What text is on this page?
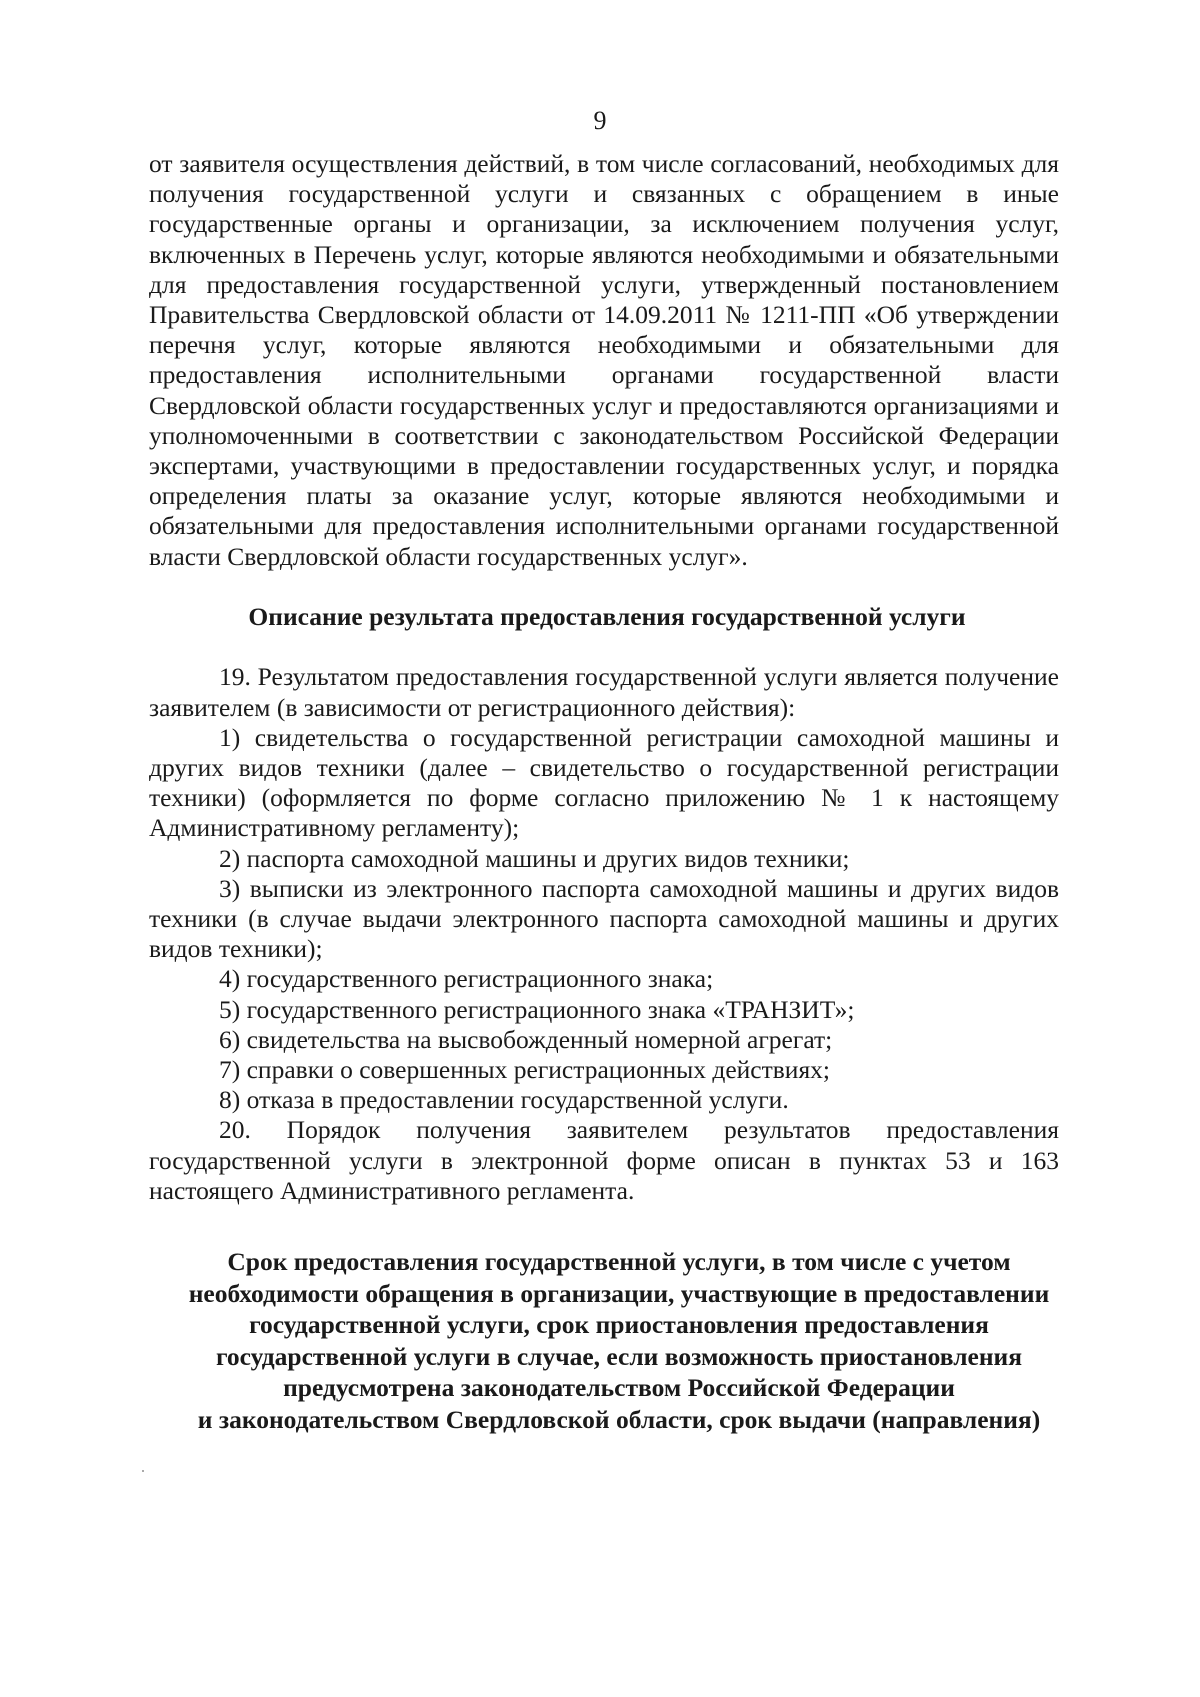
9

от заявителя осуществления действий, в том числе согласований, необходимых для получения государственной услуги и связанных с обращением в иные государственные органы и организации, за исключением получения услуг, включенных в Перечень услуг, которые являются необходимыми и обязательными для предоставления государственной услуги, утвержденный постановлением Правительства Свердловской области от 14.09.2011 № 1211-ПП «Об утверждении перечня услуг, которые являются необходимыми и обязательными для предоставления исполнительными органами государственной власти Свердловской области государственных услуг и предоставляются организациями и уполномоченными в соответствии с законодательством Российской Федерации экспертами, участвующими в предоставлении государственных услуг, и порядка определения платы за оказание услуг, которые являются необходимыми и обязательными для предоставления исполнительными органами государственной власти Свердловской области государственных услуг».

Описание результата предоставления государственной услуги

19. Результатом предоставления государственной услуги является получение заявителем (в зависимости от регистрационного действия):

1) свидетельства о государственной регистрации самоходной машины и других видов техники (далее – свидетельство о государственной регистрации техники) (оформляется по форме согласно приложению № 1 к настоящему Административному регламенту);

2) паспорта самоходной машины и других видов техники;

3) выписки из электронного паспорта самоходной машины и других видов техники (в случае выдачи электронного паспорта самоходной машины и других видов техники);

4) государственного регистрационного знака;

5) государственного регистрационного знака «ТРАНЗИТ»;

6) свидетельства на высвобожденный номерной агрегат;

7) справки о совершенных регистрационных действиях;

8) отказа в предоставлении государственной услуги.

20. Порядок получения заявителем результатов предоставления государственной услуги в электронной форме описан в пунктах 53 и 163 настоящего Административного регламента.

Срок предоставления государственной услуги, в том числе с учетом
необходимости обращения в организации, участвующие в предоставлении
государственной услуги, срок приостановления предоставления
государственной услуги в случае, если возможность приостановления
предусмотрена законодательством Российской Федерации
и законодательством Свердловской области, срок выдачи (направления)
